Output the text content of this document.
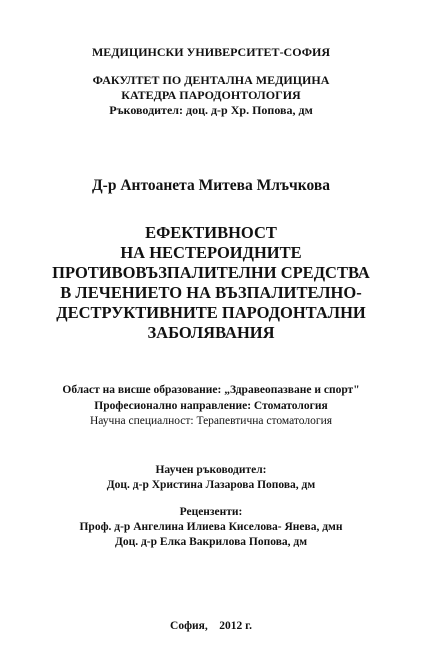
МЕДИЦИНСКИ УНИВЕРСИТЕТ-СОФИЯ
ФАКУЛТЕТ ПО ДЕНТАЛНА МЕДИЦИНА
КАТЕДРА ПАРОДОНТОЛОГИЯ
Ръководител: доц. д-р Хр. Попова, дм
Д-р Антоанета Митева Млъчкова
ЕФЕКТИВНОСТ
НА НЕСТЕРОИДНИТЕ
ПРОТИВОВЪЗПАЛИТЕЛНИ СРЕДСТВА
В ЛЕЧЕНИЕТО НА ВЪЗПАЛИТЕЛНО-
ДЕСТРУКТИВНИТЕ ПАРОДОНТАЛНИ
ЗАБОЛЯВАНИЯ
Област на висше образование: „Здравеопазване и спорт"
Професионално направление: Стоматология
Научна специалност: Терапевтична стоматология
Научен ръководител:
Доц. д-р Христина Лазарова Попова, дм
Рецензенти:
Проф. д-р Ангелина Илиева Киселова- Янева, дмн
Доц. д-р Елка Вакрилова Попова, дм
София,    2012 г.
